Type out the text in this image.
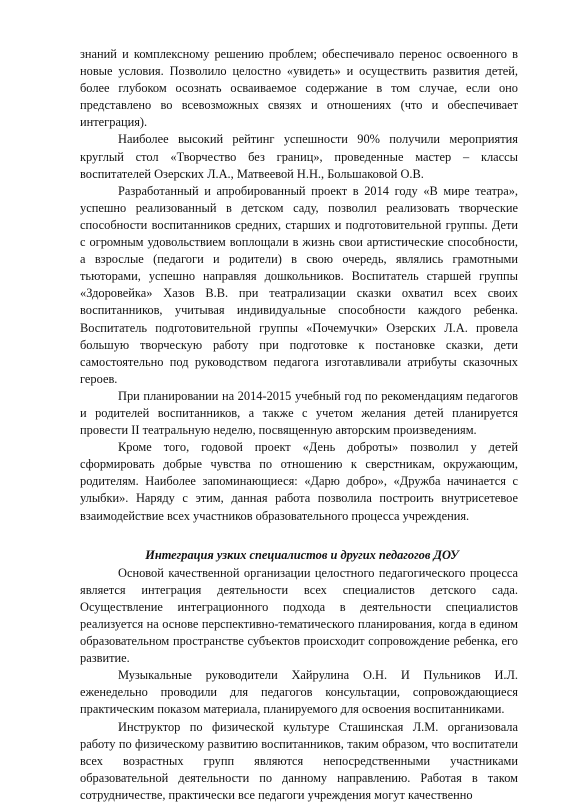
знаний и комплексному решению проблем; обеспечивало перенос освоенного в новые условия. Позволило целостно «увидеть» и осуществить развития детей, более глубоком осознать осваиваемое содержание в том случае, если оно представлено во всевозможных связях и отношениях (что и обеспечивает интеграция).

Наиболее высокий рейтинг успешности 90% получили мероприятия круглый стол «Творчество без границ», проведенные мастер – классы воспитателей Озерских Л.А., Матвеевой Н.Н., Большаковой О.В.

Разработанный и апробированный проект в 2014 году «В мире театра», успешно реализованный в детском саду, позволил реализовать творческие способности воспитанников средних, старших и подготовительной группы. Дети с огромным удовольствием воплощали в жизнь свои артистические способности, а взрослые (педагоги и родители) в свою очередь, являлись грамотными тьюторами, успешно направляя дошкольников. Воспитатель старшей группы «Здоровейка» Хазов В.В. при театрализации сказки охватил всех своих воспитанников, учитывая индивидуальные способности каждого ребенка. Воспитатель подготовительной группы «Почемучки» Озерских Л.А. провела большую творческую работу при подготовке к постановке сказки, дети самостоятельно под руководством педагога изготавливали атрибуты сказочных героев.

При планировании на 2014-2015 учебный год по рекомендациям педагогов и родителей воспитанников, а также с учетом желания детей планируется провести II театральную неделю, посвященную авторским произведениям.

Кроме того, годовой проект «День доброты» позволил у детей сформировать добрые чувства по отношению к сверстникам, окружающим, родителям. Наиболее запоминающиеся: «Дарю добро», «Дружба начинается с улыбки». Наряду с этим, данная работа позволила построить внутрисетевое взаимодействие всех участников образовательного процесса учреждения.

Интеграция узких специалистов и других педагогов ДОУ

Основой качественной организации целостного педагогического процесса является интеграция деятельности всех специалистов детского сада. Осуществление интеграционного подхода в деятельности специалистов реализуется на основе перспективно-тематического планирования, когда в едином образовательном пространстве субъектов происходит сопровождение ребенка, его развитие.

Музыкальные руководители Хайрулина О.Н. И Пульников И.Л. еженедельно проводили для педагогов консультации, сопровождающиеся практическим показом материала, планируемого для освоения воспитанниками.

Инструктор по физической культуре Сташинская Л.М. организовала работу по физическому развитию воспитанников, таким образом, что воспитатели всех возрастных групп являются непосредственными участниками образовательной деятельности по данному направлению. Работая в таком сотрудничестве, практически все педагоги учреждения могут качественно
